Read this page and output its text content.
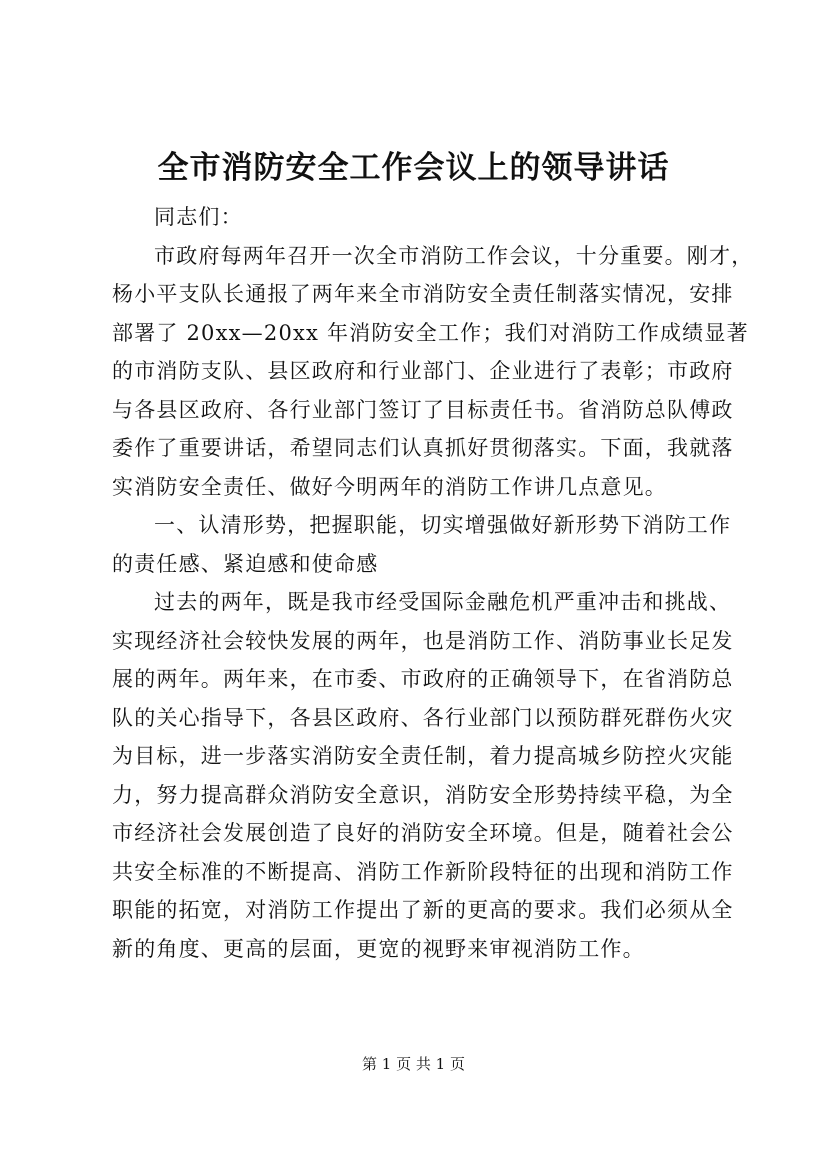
全市消防安全工作会议上的领导讲话

同志们：

市政府每两年召开一次全市消防工作会议，十分重要。刚才，
杨小平支队长通报了两年来全市消防安全责任制落实情况，安排
部署了 20xx—20xx 年消防安全工作；我们对消防工作成绩显著
的市消防支队、县区政府和行业部门、企业进行了表彰；市政府
与各县区政府、各行业部门签订了目标责任书。省消防总队傅政
委作了重要讲话，希望同志们认真抓好贯彻落实。下面，我就落
实消防安全责任、做好今明两年的消防工作讲几点意见。

一、认清形势，把握职能，切实增强做好新形势下消防工作
的责任感、紧迫感和使命感

过去的两年，既是我市经受国际金融危机严重冲击和挑战、
实现经济社会较快发展的两年，也是消防工作、消防事业长足发
展的两年。两年来，在市委、市政府的正确领导下，在省消防总
队的关心指导下，各县区政府、各行业部门以预防群死群伤火灾
为目标，进一步落实消防安全责任制，着力提高城乡防控火灾能
力，努力提高群众消防安全意识，消防安全形势持续平稳，为全
市经济社会发展创造了良好的消防安全环境。但是，随着社会公
共安全标准的不断提高、消防工作新阶段特征的出现和消防工作
职能的拓宽，对消防工作提出了新的更高的要求。我们必须从全
新的角度、更高的层面，更宽的视野来审视消防工作。

第 1 页 共 1 页
